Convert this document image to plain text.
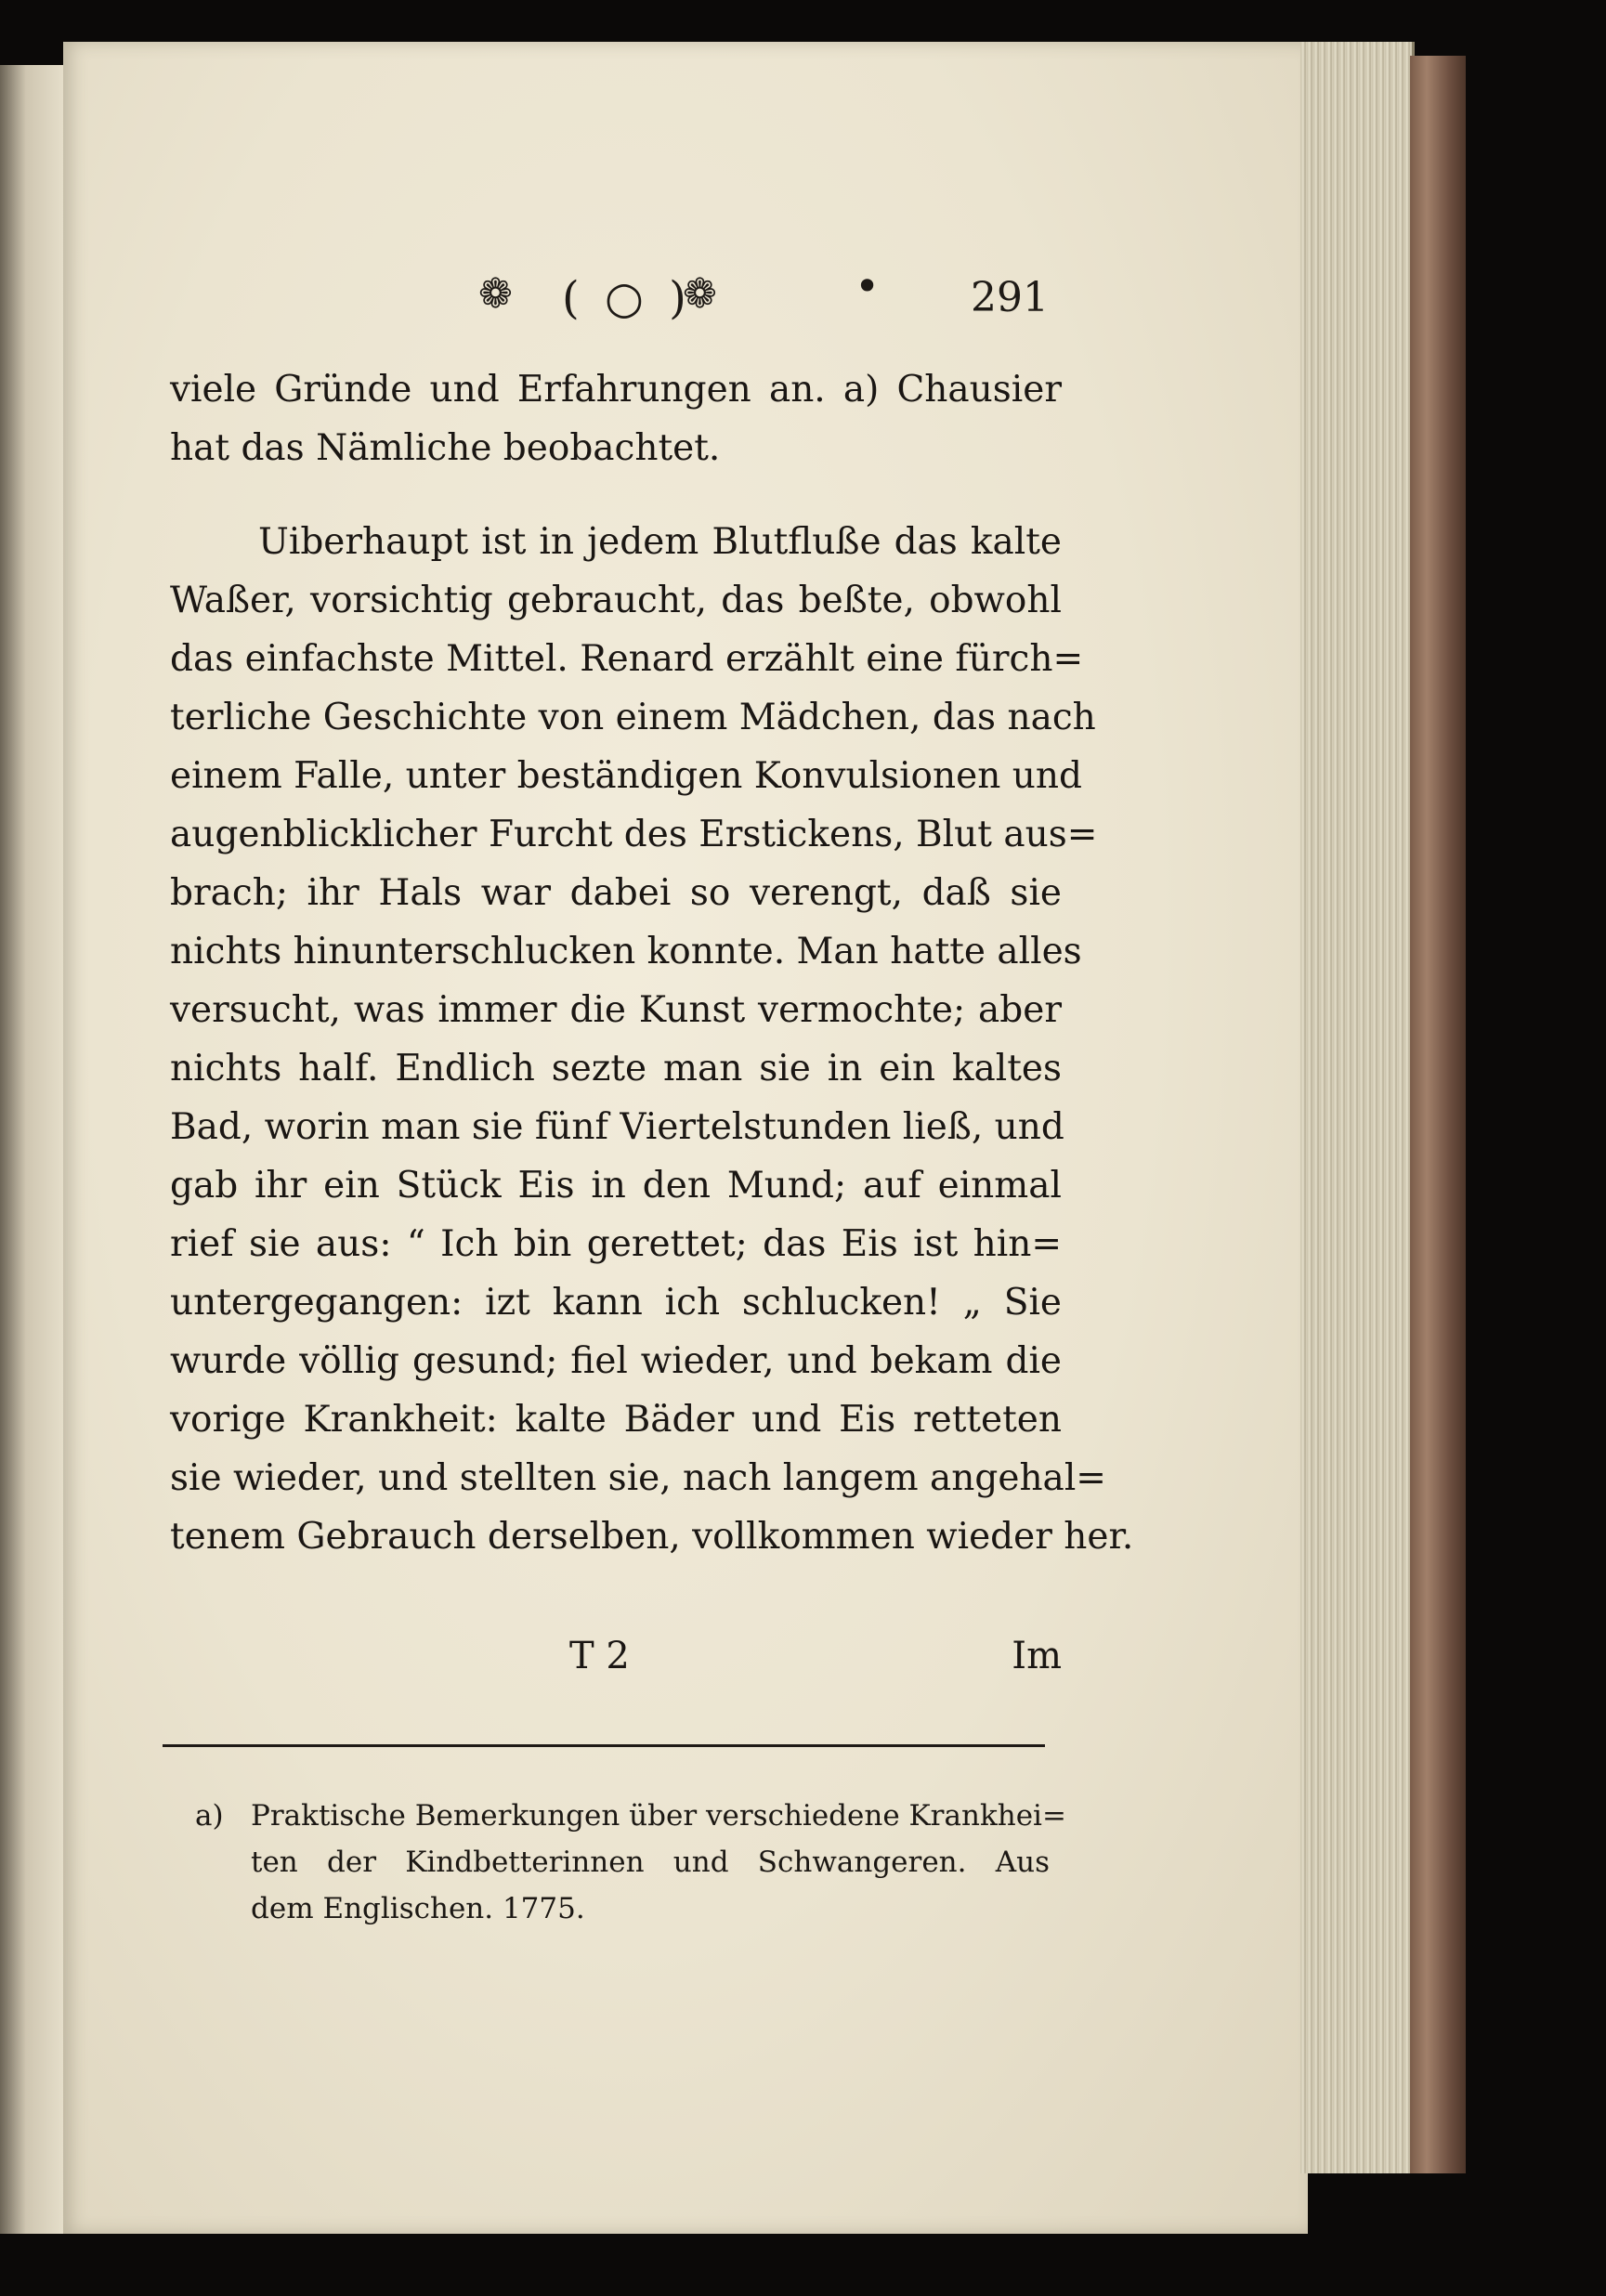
❁ ( ○ )
❁	• 291
viele Gründe und Erfahrungen an. a) Chausier
hat das Nämliche beobachtet.
Uiberhaupt ist in jedem Blutfluße das kalte
Waßer, vorsichtig gebraucht, das beßte, obwohl
das einfachste Mittel. Renard erzählt eine fürch=
terliche Geschichte von einem Mädchen, das nach
einem Falle, unter beständigen Konvulsionen und
augenblicklicher Furcht des Erstickens, Blut aus=
brach; ihr Hals war dabei so verengt, daß sie
nichts hinunterschlucken konnte. Man hatte alles
versucht, was immer die Kunst vermochte; aber
nichts half. Endlich sezte man sie in ein kaltes
Bad, worin man sie fünf Viertelstunden ließ, und
gab ihr ein Stück Eis in den Mund; auf einmal
rief sie aus: “ Ich bin gerettet; das Eis ist hin=
untergegangen: izt kann ich schlucken! „ Sie
wurde völlig gesund; fiel wieder, und bekam die
vorige Krankheit: kalte Bäder und Eis retteten
sie wieder, und stellten sie, nach langem angehal=
tenem Gebrauch derselben, vollkommen wieder her.
T 2	Im
a) Praktische Bemerkungen über verschiedene Krankhei=
ten der Kindbetterinnen und Schwangeren. Aus
dem Englischen. 1775.
